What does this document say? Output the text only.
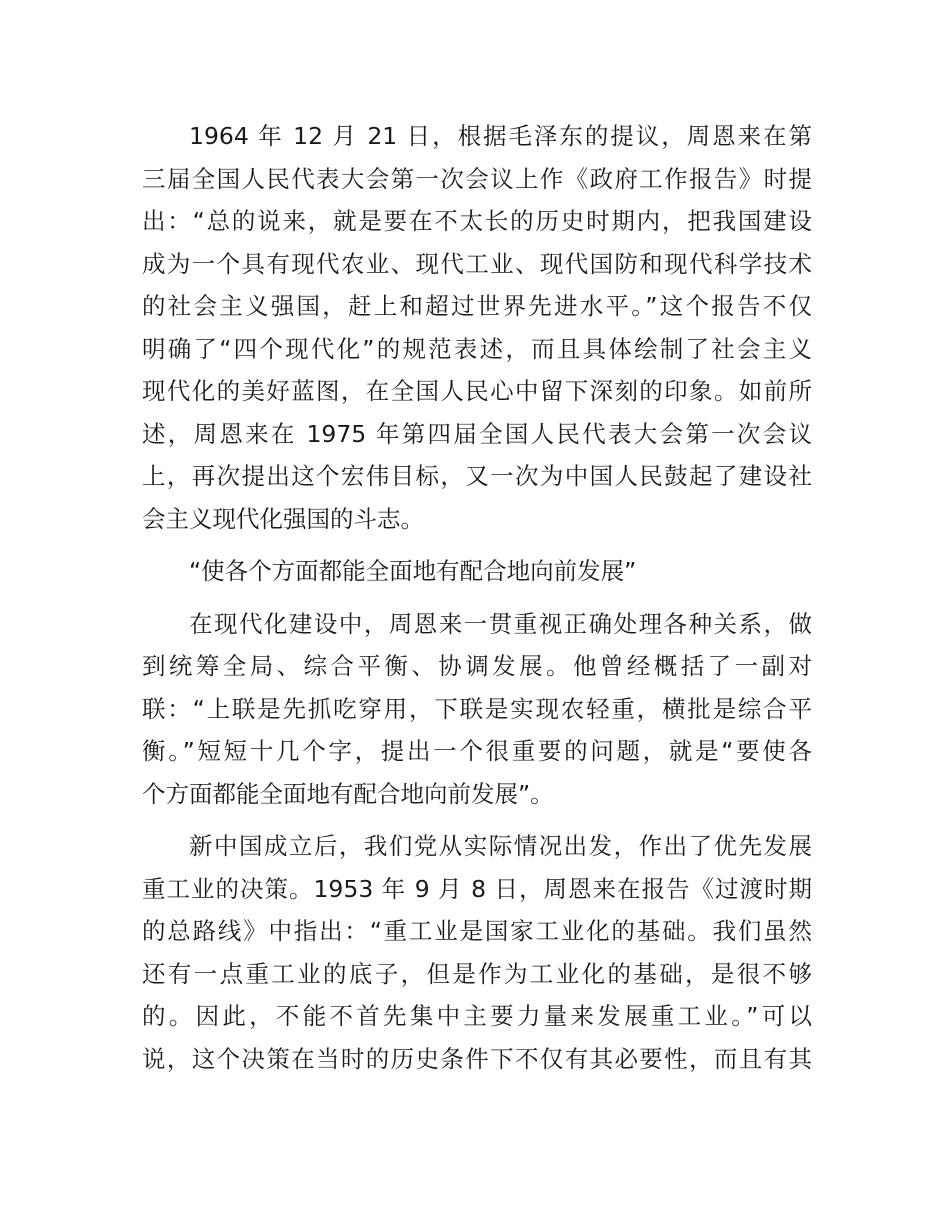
1964 年 12 月 21 日，根据毛泽东的提议，周恩来在第
三届全国人民代表大会第一次会议上作《政府工作报告》时提
出：“总的说来，就是要在不太长的历史时期内，把我国建设
成为一个具有现代农业、现代工业、现代国防和现代科学技术
的社会主义强国，赶上和超过世界先进水平。”这个报告不仅
明确了“四个现代化”的规范表述，而且具体绘制了社会主义
现代化的美好蓝图，在全国人民心中留下深刻的印象。如前所
述，周恩来在 1975 年第四届全国人民代表大会第一次会议
上，再次提出这个宏伟目标，又一次为中国人民鼓起了建设社
会主义现代化强国的斗志。
“使各个方面都能全面地有配合地向前发展”
在现代化建设中，周恩来一贯重视正确处理各种关系，做
到统筹全局、综合平衡、协调发展。他曾经概括了一副对
联：“上联是先抓吃穿用，下联是实现农轻重，横批是综合平
衡。”短短十几个字，提出一个很重要的问题，就是“要使各
个方面都能全面地有配合地向前发展”。
新中国成立后，我们党从实际情况出发，作出了优先发展
重工业的决策。1953 年 9 月 8 日，周恩来在报告《过渡时期
的总路线》中指出：“重工业是国家工业化的基础。我们虽然
还有一点重工业的底子，但是作为工业化的基础，是很不够
的。因此，不能不首先集中主要力量来发展重工业。”可以
说，这个决策在当时的历史条件下不仅有其必要性，而且有其
